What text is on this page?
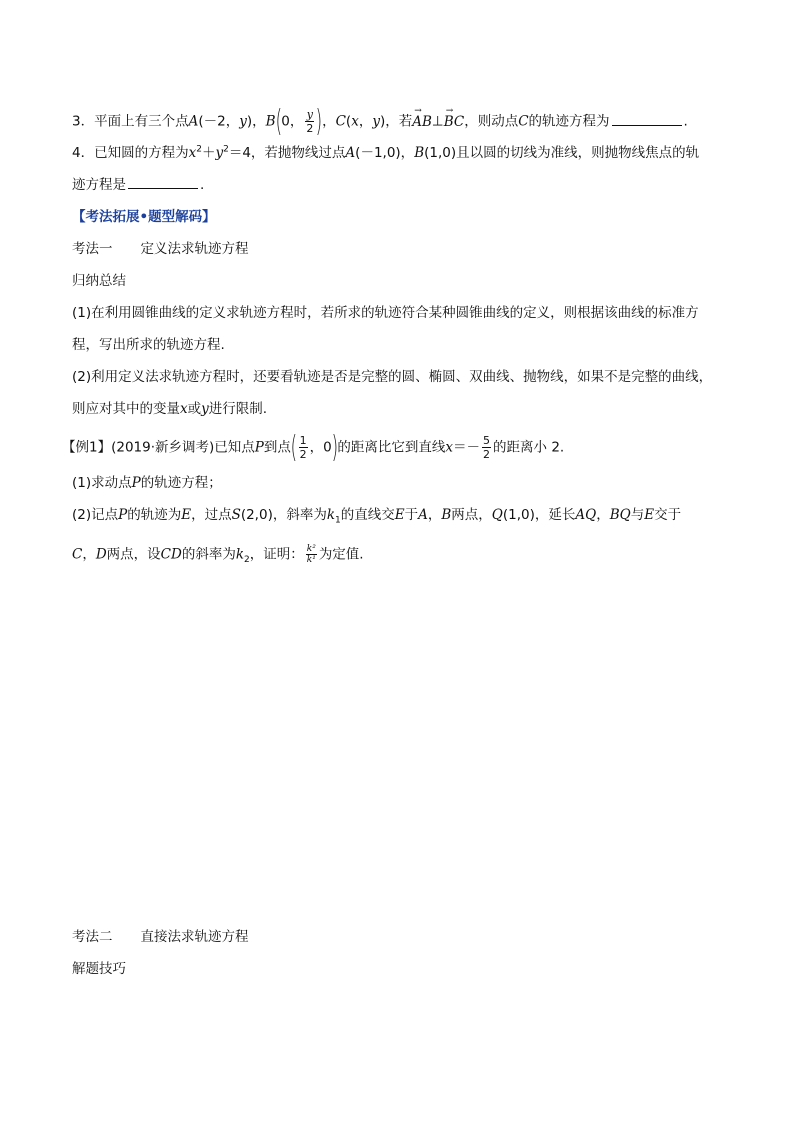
3．平面上有三个点A(－2，y)，B(0， $\frac{y}{2}$ )，C(x，y)，若→ AB⊥→ BC，则动点C的轨迹方程为	.
4．已知圆的方程为$x^2+y^2=4$，若抛物线过点A(－1,0)，B(1,0)且以圆的切线为准线，则抛物线焦点的轨
迹方程是	.
【考法拓展•题型解码】
考法一 定义法求轨迹方程
归纳总结
(1)在利用圆锥曲线的定义求轨迹方程时，若所求的轨迹符合某种圆锥曲线的定义，则根据该曲线的标准方
程，写出所求的轨迹方程.
(2)利用定义法求轨迹方程时，还要看轨迹是否是完整的圆、椭圆、双曲线、抛物线，如果不是完整的曲线，
则应对其中的变量x或y进行限制.
【例1】(2019·新乡调考)已知点P到点( $\frac{1}{2}$ ，0)的距离比它到直线$x=- \frac{5}{2}$ 的距离小 2.
(1)求动点P的轨迹方程；
(2)记点P的轨迹为E，过点S(2,0)，斜率为$k_1$的直线交E于A，B两点，Q(1,0)，延长AQ，BQ与E交于
C，D两点，设CD的斜率为$k_2$，证明： $\frac{\text{k²}}{\text{k¹}}$ 为定值.
考法二 直接法求轨迹方程
解题技巧
